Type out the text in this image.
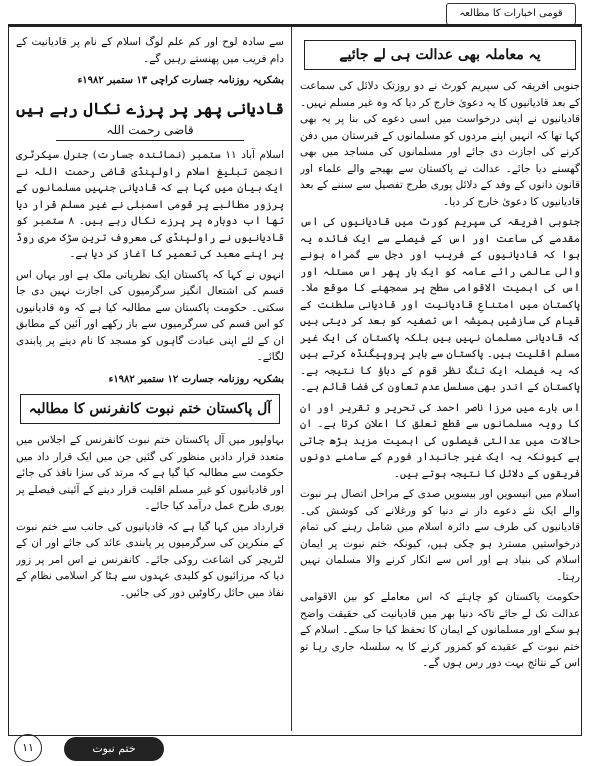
قومی اخبارات کا مطالعہ
یہ معاملہ بھی عدالت ہی لے جائیے

جنوبی افریقہ کی سپریم کورٹ نے دو روزتک دلائل کی سماعت کے بعد قادیانیوں کا یہ دعویٰ خارج کر دیا کہ وہ غیر مسلم نہیں۔ قادیانیوں نے اپنی درخواست میں اسی دعوے کی بنا پر یہ بھی کہا تھا کہ انہیں اپنے مردوں کو مسلمانوں کے قبرستان میں دفن کرنے کی اجازت دی جائے اور مسلمانوں کی مساجد میں بھی گھسنے دیا جائے۔ عدالت نے پاکستان سے بھیجے والے علماء اور قانون دانوں کے وفد کے دلائل پوری طرح تفصیل سے سننے کے بعد قادیانیوں کا دعویٰ خارج کر دیا۔

جنوبی افریقہ کی سپریم کورٹ میں قادیانیوں کی اس مقدمے کی ساعت اور اس کے فیصلے سے ایک فائدہ یہ ہوا کہ قادیانیوں کے فریب اور دجل سے گمراہ ہونے والی عالمی رائے عامہ کو ایک بار پھر اس مسئلہ اور اس کی اہمیت الاقوامی سطح پر سمجھنے کا موقع ملا۔ پاکستان میں امتناعِ قادیانیت اور قادیانی سلطنت کے قیام کی سازشیں ہمیشہ اس تصفیہ کو بعد کر دیتی ہیں کہ قادیانی مسلمان نہیں ہیں بلکہ پاکستان کی ایک غیر مسلم اقلیت ہیں۔ پاکستان سے باہر پروپیگنڈہ کرتے ہیں کہ یہ فیصلہ ایک تنگ نظر قوم کے دباؤ کا نتیجہ ہے۔ پاکستان کے اندر بھی مسلسل عدم تعاون کی فضا قائم ہے۔

اس بارے میں مرزا ناصر احمد کی تحریر و تقریر اور ان کا رویہ مسلمانوں سے قطع تعلق کا اعلان کرتا ہے۔ ان حالات میں عدالتی فیصلوں کی اہمیت مزید بڑھ جاتی ہے کیونکہ یہ ایک غیر جانبدار فورم کے سامنے دونوں فریقوں کے دلائل کا نتیجہ ہوتے ہیں۔

اسلام میں انیسویں اور بیسویں صدی کے مراحل اتصال ہر نبوت والے ایک نئے دعوے دار نے دنیا کو ورغلانے کی کوشش کی۔ قادیانیوں کی طرف سے دائرہ اسلام میں شامل رہنے کی تمام درخواستیں مسترد ہو چکی ہیں، کیونکہ ختم نبوت پر ایمان اسلام کی بنیاد ہے اور اس سے انکار کرنے والا مسلمان نہیں رہتا۔

حکومت پاکستان کو چاہئے کہ اس معاملے کو بین الاقوامی عدالت تک لے جائے تاکہ دنیا بھر میں قادیانیت کی حقیقت واضح ہو سکے اور مسلمانوں کے ایمان کا تحفظ کیا جا سکے۔ اسلام کے ختم نبوت کے عقیدے کو کمزور کرنے کا یہ سلسلہ جاری رہا تو اس کے نتائج بہت دور رس ہوں گے۔

سے سادہ لوح اور کم علم لوگ اسلام کے نام پر قادیانیت کے دام فریب میں پھنستے رہیں گے۔

بشکریہ روزنامہ جسارت کراچی ۱۳ ستمبر ۱۹۸۲ء
قادیانی پھر پر پرزے نکال رہے ہیں
قاضی رحمت اللہ

اسلام آباد ۱۱ ستمبر (نمائندہ جسارت) جنرل سیکرٹری انجمن تبلیغ اسلام راولپنڈی قاضی رحمت اللہ نے ایک بیان میں کہا ہے کہ قادیانی جنہیں مسلمانوں کے پرزور مطالبے پر قومی اسمبلی نے غیر مسلم قرار دیا تھا اب دوبارہ پر پرزے نکال رہے ہیں۔ ۸ ستمبر کو قادیانیوں نے راولپنڈی کی معروف ترین سڑک مری روڈ پر اپنے معبد کی تعمیر کا آغاز کر دیا ہے۔

انہوں نے کہا کہ پاکستان ایک نظریاتی ملک ہے اور یہاں اس قسم کی اشتعال انگیز سرگرمیوں کی اجازت نہیں دی جا سکتی۔ حکومت پاکستان سے مطالبہ کیا ہے کہ وہ قادیانیوں کو اس قسم کی سرگرمیوں سے باز رکھے اور آئین کے مطابق ان کے لئے اپنی عبادت گاہوں کو مسجد کا نام دینے پر پابندی لگائے۔

بشکریہ روزنامہ جسارت ۱۲ ستمبر ۱۹۸۲ء
آل پاکستان ختم نبوت کانفرنس کا مطالبہ

بہاولپور میں آل پاکستان ختم نبوت کانفرنس کے اجلاس میں متعدد قرار دادیں منظور کی گئیں جن میں ایک قرار داد میں حکومت سے مطالبہ کیا گیا ہے کہ مرتد کی سزا نافذ کی جائے اور قادیانیوں کو غیر مسلم اقلیت قرار دینے کے آئینی فیصلے پر پوری طرح عمل درآمد کیا جائے۔

قرارداد میں کہا گیا ہے کہ قادیانیوں کی جانب سے ختم نبوت کے منکرین کی سرگرمیوں پر پابندی عائد کی جائے اور ان کے لٹریچر کی اشاعت روکی جائے۔ کانفرنس نے اس امر پر زور دیا کہ مرزائیوں کو کلیدی عہدوں سے ہٹا کر اسلامی نظام کے نفاذ میں حائل رکاوٹیں دور کی جائیں۔

۱۱	ختم نبوت
